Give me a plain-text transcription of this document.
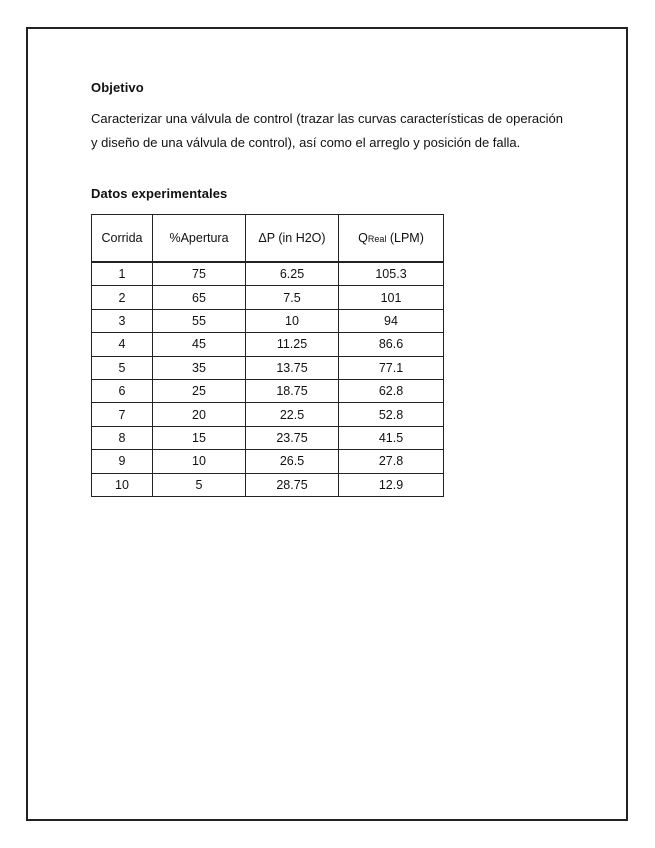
Objetivo
Caracterizar una válvula de control (trazar las curvas características de operación y diseño de una válvula de control), así como el arreglo y posición de falla.
Datos experimentales
Corrida	%Apertura	ΔP (in H2O)	QReal (LPM)
1	75	6.25	105.3
2	65	7.5	101
3	55	10	94
4	45	11.25	86.6
5	35	13.75	77.1
6	25	18.75	62.8
7	20	22.5	52.8
8	15	23.75	41.5
9	10	26.5	27.8
10	5	28.75	12.9
